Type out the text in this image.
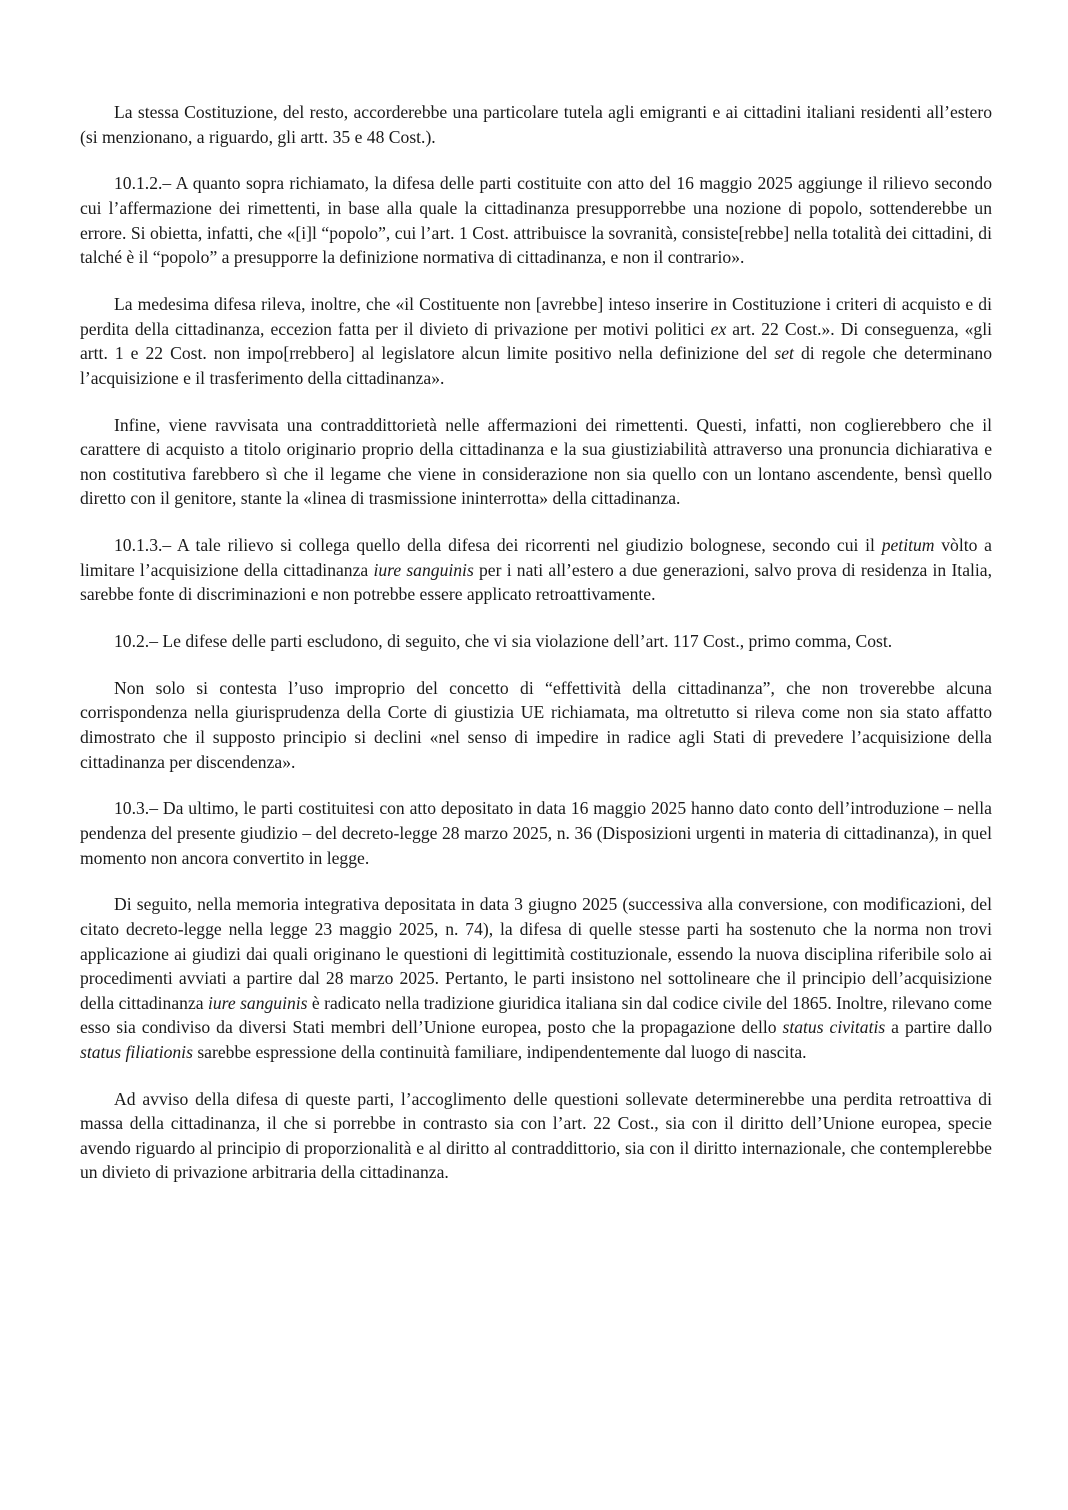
La stessa Costituzione, del resto, accorderebbe una particolare tutela agli emigranti e ai cittadini italiani residenti all’estero (si menzionano, a riguardo, gli artt. 35 e 48 Cost.).

10.1.2.– A quanto sopra richiamato, la difesa delle parti costituite con atto del 16 maggio 2025 aggiunge il rilievo secondo cui l’affermazione dei rimettenti, in base alla quale la cittadinanza presupporrebbe una nozione di popolo, sottenderebbe un errore. Si obietta, infatti, che «[i]l “popolo”, cui l’art. 1 Cost. attribuisce la sovranità, consiste[rebbe] nella totalità dei cittadini, di talché è il “popolo” a presupporre la definizione normativa di cittadinanza, e non il contrario».

La medesima difesa rileva, inoltre, che «il Costituente non [avrebbe] inteso inserire in Costituzione i criteri di acquisto e di perdita della cittadinanza, eccezion fatta per il divieto di privazione per motivi politici ex art. 22 Cost.». Di conseguenza, «gli artt. 1 e 22 Cost. non impo[rrebbero] al legislatore alcun limite positivo nella definizione del set di regole che determinano l’acquisizione e il trasferimento della cittadinanza».

Infine, viene ravvisata una contraddittorietà nelle affermazioni dei rimettenti. Questi, infatti, non coglierebbero che il carattere di acquisto a titolo originario proprio della cittadinanza e la sua giustiziabilità attraverso una pronuncia dichiarativa e non costitutiva farebbero sì che il legame che viene in considerazione non sia quello con un lontano ascendente, bensì quello diretto con il genitore, stante la «linea di trasmissione ininterrotta» della cittadinanza.

10.1.3.– A tale rilievo si collega quello della difesa dei ricorrenti nel giudizio bolognese, secondo cui il petitum vòlto a limitare l’acquisizione della cittadinanza iure sanguinis per i nati all’estero a due generazioni, salvo prova di residenza in Italia, sarebbe fonte di discriminazioni e non potrebbe essere applicato retroattivamente.

10.2.– Le difese delle parti escludono, di seguito, che vi sia violazione dell’art. 117 Cost., primo comma, Cost.

Non solo si contesta l’uso improprio del concetto di “effettività della cittadinanza”, che non troverebbe alcuna corrispondenza nella giurisprudenza della Corte di giustizia UE richiamata, ma oltretutto si rileva come non sia stato affatto dimostrato che il supposto principio si declini «nel senso di impedire in radice agli Stati di prevedere l’acquisizione della cittadinanza per discendenza».

10.3.– Da ultimo, le parti costituitesi con atto depositato in data 16 maggio 2025 hanno dato conto dell’introduzione – nella pendenza del presente giudizio – del decreto-legge 28 marzo 2025, n. 36 (Disposizioni urgenti in materia di cittadinanza), in quel momento non ancora convertito in legge.

Di seguito, nella memoria integrativa depositata in data 3 giugno 2025 (successiva alla conversione, con modificazioni, del citato decreto-legge nella legge 23 maggio 2025, n. 74), la difesa di quelle stesse parti ha sostenuto che la norma non trovi applicazione ai giudizi dai quali originano le questioni di legittimità costituzionale, essendo la nuova disciplina riferibile solo ai procedimenti avviati a partire dal 28 marzo 2025. Pertanto, le parti insistono nel sottolineare che il principio dell’acquisizione della cittadinanza iure sanguinis è radicato nella tradizione giuridica italiana sin dal codice civile del 1865. Inoltre, rilevano come esso sia condiviso da diversi Stati membri dell’Unione europea, posto che la propagazione dello status civitatis a partire dallo status filiationis sarebbe espressione della continuità familiare, indipendentemente dal luogo di nascita.

Ad avviso della difesa di queste parti, l’accoglimento delle questioni sollevate determinerebbe una perdita retroattiva di massa della cittadinanza, il che si porrebbe in contrasto sia con l’art. 22 Cost., sia con il diritto dell’Unione europea, specie avendo riguardo al principio di proporzionalità e al diritto al contraddittorio, sia con il diritto internazionale, che contemplerebbe un divieto di privazione arbitraria della cittadinanza.
